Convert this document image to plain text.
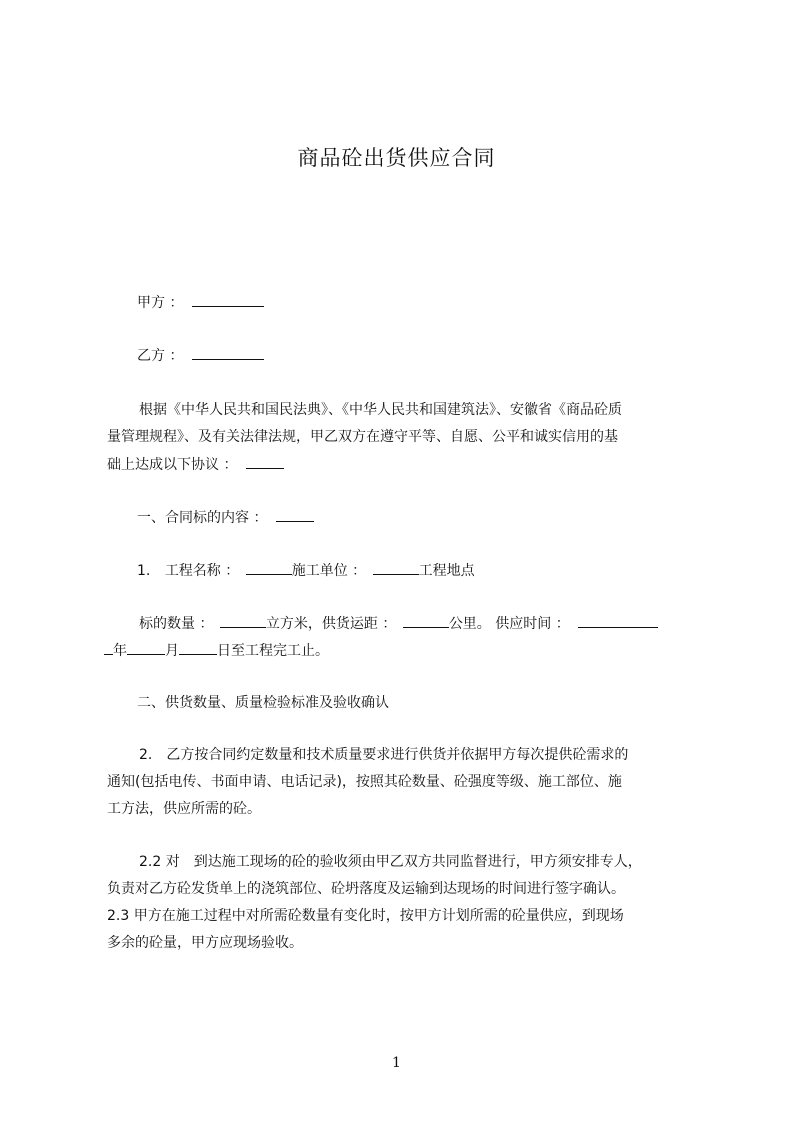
商品砼出货供应合同
甲方 ：
乙方 ：
根据《中华人民共和国民法典》、《中华人民共和国建筑法》、安徽省《商品砼质
量管理规程》、及有关法律法规，甲乙双方在遵守平等、自愿、公平和诚实信用的基
础上达成以下协议 ：
一、合同标的内容 ：
1. 工程名称 ：	施工单位 ：	工程地点
标的数量 ：	立方米，供货运距 ：	公里。 供应时间 ：
年	月	日至工程完工止。
二、供货数量、质量检验标准及验收确认
2.　乙方按合同约定数量和技术质量要求进行供货并依据甲方每次提供砼需求的
通知(包括电传、书面申请、电话记录)，按照其砼数量、砼强度等级、施工部位、施
工方法，供应所需的砼。
2.2 对　到达施工现场的砼的验收须由甲乙双方共同监督进行，甲方须安排专人，
负责对乙方砼发货单上的浇筑部位、砼坍落度及运输到达现场的时间进行签字确认。
2.3 甲方在施工过程中对所需砼数量有变化时，按甲方计划所需的砼量供应，到现场
多余的砼量，甲方应现场验收。
1
